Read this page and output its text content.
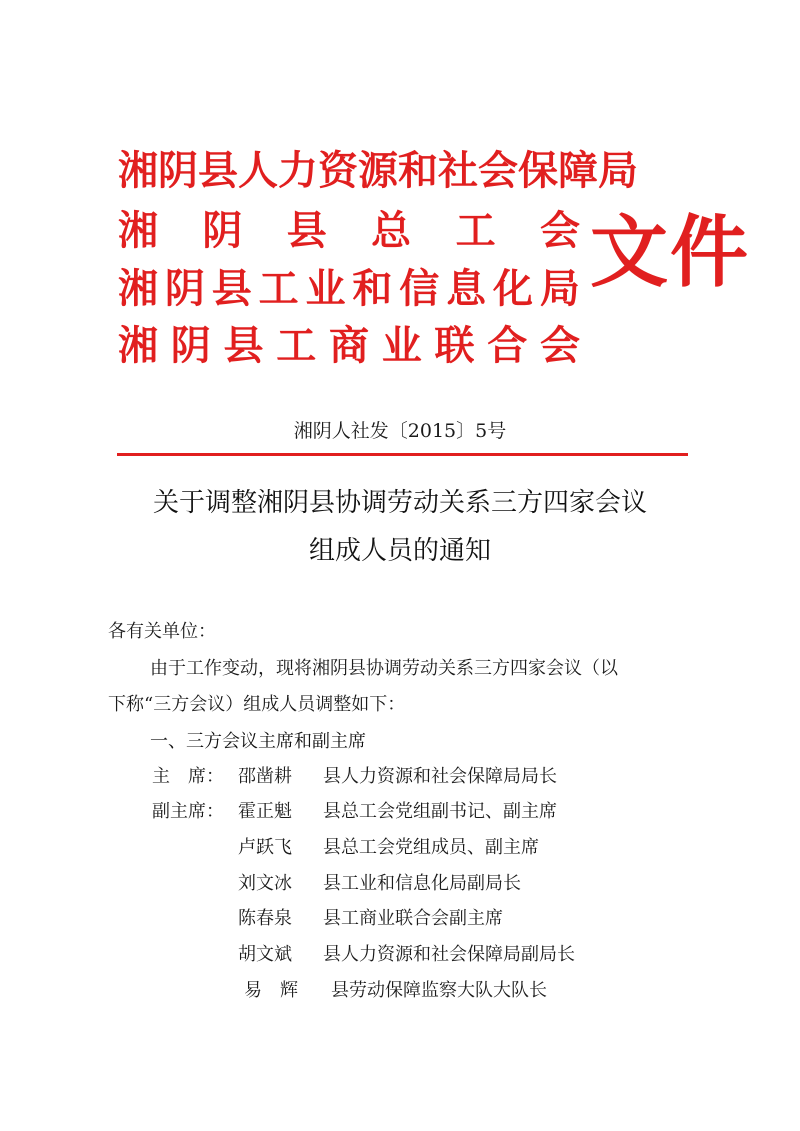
湘阴县人力资源和社会保障局
湘 阴 县 总 工 会
湘 阴 县 工 业 和 信 息 化 局
湘 阴 县 工 商 业 联 合 会
文件
湘阴人社发〔2015〕5号
关于调整湘阴县协调劳动关系三方四家会议
组成人员的通知
各有关单位：
由于工作变动，现将湘阴县协调劳动关系三方四家会议（以
下称“三方会议）组成人员调整如下：
一、三方会议主席和副主席
主　席： 邵凿耕	县人力资源和社会保障局局长
副主席： 霍正魁	县总工会党组副书记、副主席
卢跃飞	县总工会党组成员、副主席
刘文冰	县工业和信息化局副局长
陈春泉	县工商业联合会副主席
胡文斌	县人力资源和社会保障局副局长
易　辉	县劳动保障监察大队大队长
